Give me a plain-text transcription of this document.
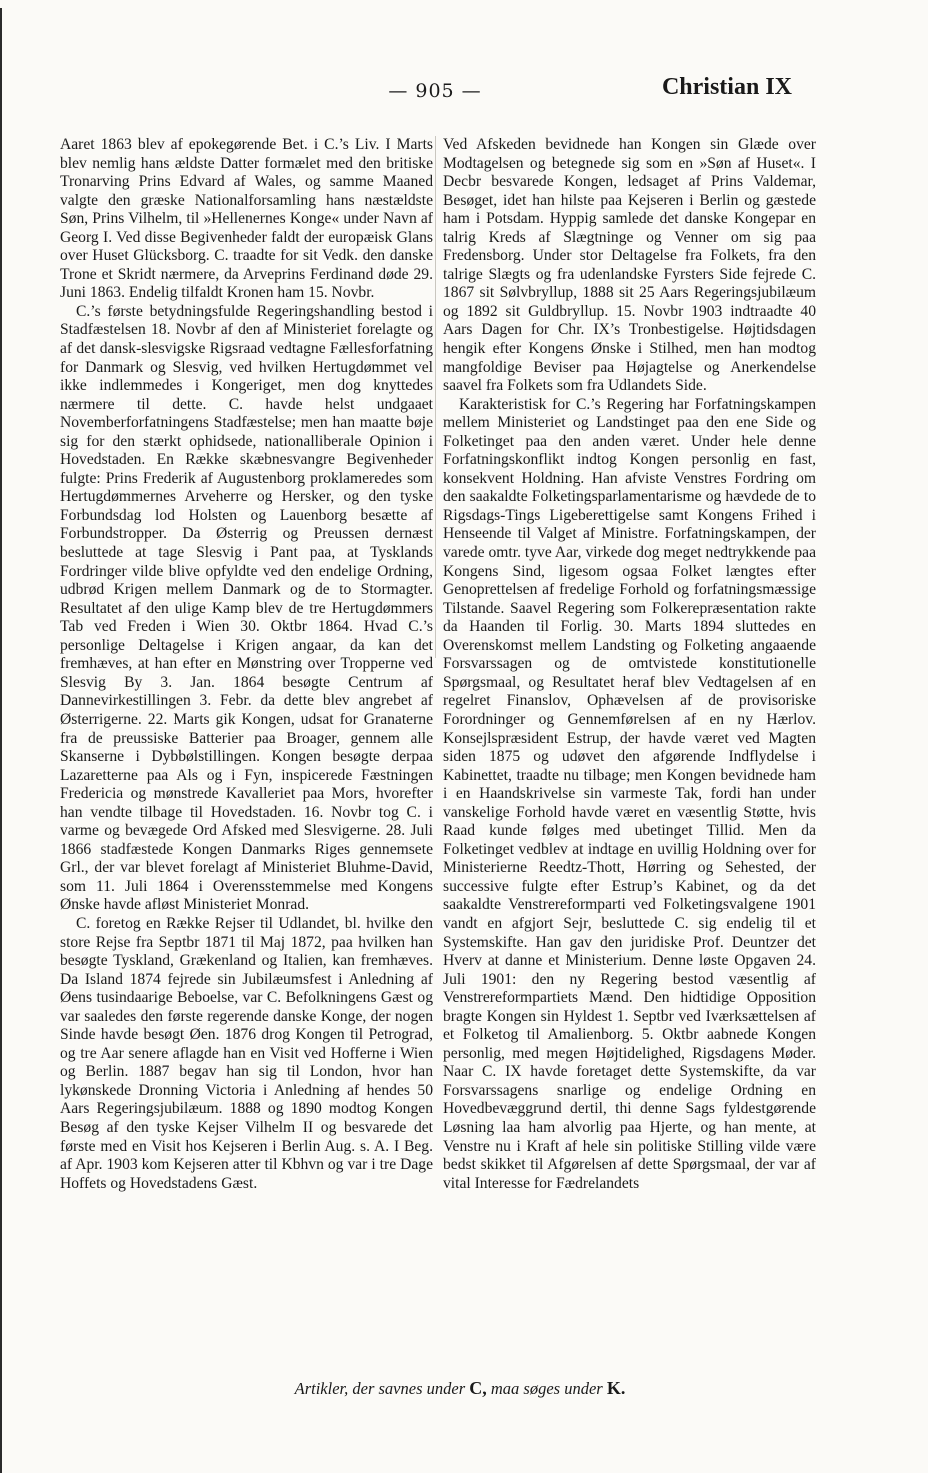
— 905 —	Christian IX

Aaret 1863 blev af epokegørende Bet. i C.’s Liv. I Marts blev nemlig hans ældste Datter formælet med den britiske Tronarving Prins Edvard af Wales, og samme Maaned valgte den græske Nationalforsamling hans næstældste Søn, Prins Vilhelm, til »Hellenernes Konge« under Navn af Georg I. Ved disse Begivenheder faldt der europæisk Glans over Huset Glücksborg. C. traadte for sit Vedk. den danske Trone et Skridt nærmere, da Arveprins Ferdinand døde 29. Juni 1863. Endelig tilfaldt Kronen ham 15. Novbr.

C.’s første betydningsfulde Regeringshandling bestod i Stadfæstelsen 18. Novbr af den af Ministeriet forelagte og af det dansk-slesvigske Rigsraad vedtagne Fællesforfatning for Danmark og Slesvig, ved hvilken Hertugdømmet vel ikke indlemmedes i Kongeriget, men dog knyttedes nærmere til dette. C. havde helst undgaaet Novemberforfatningens Stadfæstelse; men han maatte bøje sig for den stærkt ophidsede, nationalliberale Opinion i Hovedstaden. En Række skæbnesvangre Begivenheder fulgte: Prins Frederik af Augustenborg proklameredes som Hertugdømmernes Arveherre og Hersker, og den tyske Forbundsdag lod Holsten og Lauenborg besætte af Forbundstropper. Da Østerrig og Preussen dernæst besluttede at tage Slesvig i Pant paa, at Tysklands Fordringer vilde blive opfyldte ved den endelige Ordning, udbrød Krigen mellem Danmark og de to Stormagter. Resultatet af den ulige Kamp blev de tre Hertugdømmers Tab ved Freden i Wien 30. Oktbr 1864. Hvad C.’s personlige Deltagelse i Krigen angaar, da kan det fremhæves, at han efter en Mønstring over Tropperne ved Slesvig By 3. Jan. 1864 besøgte Centrum af Dannevirkestillingen 3. Febr. da dette blev angrebet af Østerrigerne. 22. Marts gik Kongen, udsat for Granaterne fra de preussiske Batterier paa Broager, gennem alle Skanserne i Dybbølstillingen. Kongen besøgte derpaa Lazaretterne paa Als og i Fyn, inspicerede Fæstningen Fredericia og mønstrede Kavalleriet paa Mors, hvorefter han vendte tilbage til Hovedstaden. 16. Novbr tog C. i varme og bevægede Ord Afsked med Slesvigerne. 28. Juli 1866 stadfæstede Kongen Danmarks Riges gennemsete Grl., der var blevet forelagt af Ministeriet Bluhme-David, som 11. Juli 1864 i Overensstemmelse med Kongens Ønske havde afløst Ministeriet Monrad.

C. foretog en Række Rejser til Udlandet, bl. hvilke den store Rejse fra Septbr 1871 til Maj 1872, paa hvilken han besøgte Tyskland, Grækenland og Italien, kan fremhæves. Da Island 1874 fejrede sin Jubilæumsfest i Anledning af Øens tusindaarige Beboelse, var C. Befolkningens Gæst og var saaledes den første regerende danske Konge, der nogen Sinde havde besøgt Øen. 1876 drog Kongen til Petrograd, og tre Aar senere aflagde han en Visit ved Hofferne i Wien og Berlin. 1887 begav han sig til London, hvor han lykønskede Dronning Victoria i Anledning af hendes 50 Aars Regeringsjubilæum. 1888 og 1890 modtog Kongen Besøg af den tyske Kejser Vilhelm II og besvarede det første med en Visit hos Kejseren i Berlin Aug. s. A. I Beg. af Apr. 1903 kom Kejseren atter til Kbhvn og var i tre Dage Hoffets og Hovedstadens Gæst.

Ved Afskeden bevidnede han Kongen sin Glæde over Modtagelsen og betegnede sig som en »Søn af Huset«. I Decbr besvarede Kongen, ledsaget af Prins Valdemar, Besøget, idet han hilste paa Kejseren i Berlin og gæstede ham i Potsdam. Hyppig samlede det danske Kongepar en talrig Kreds af Slægtninge og Venner om sig paa Fredensborg. Under stor Deltagelse fra Folkets, fra den talrige Slægts og fra udenlandske Fyrsters Side fejrede C. 1867 sit Sølvbryllup, 1888 sit 25 Aars Regeringsjubilæum og 1892 sit Guldbryllup. 15. Novbr 1903 indtraadte 40 Aars Dagen for Chr. IX’s Tronbestigelse. Højtidsdagen hengik efter Kongens Ønske i Stilhed, men han modtog mangfoldige Beviser paa Højagtelse og Anerkendelse saavel fra Folkets som fra Udlandets Side.

Karakteristisk for C.’s Regering har Forfatningskampen mellem Ministeriet og Landstinget paa den ene Side og Folketinget paa den anden været. Under hele denne Forfatningskonflikt indtog Kongen personlig en fast, konsekvent Holdning. Han afviste Venstres Fordring om den saakaldte Folketingsparlamentarisme og hævdede de to Rigsdags-Tings Ligeberettigelse samt Kongens Frihed i Henseende til Valget af Ministre. Forfatningskampen, der varede omtr. tyve Aar, virkede dog meget nedtrykkende paa Kongens Sind, ligesom ogsaa Folket længtes efter Genoprettelsen af fredelige Forhold og forfatningsmæssige Tilstande. Saavel Regering som Folkerepræsentation rakte da Haanden til Forlig. 30. Marts 1894 sluttedes en Overenskomst mellem Landsting og Folketing angaaende Forsvarssagen og de omtvistede konstitutionelle Spørgsmaal, og Resultatet heraf blev Vedtagelsen af en regelret Finanslov, Ophævelsen af de provisoriske Forordninger og Gennemførelsen af en ny Hærlov. Konsejlspræsident Estrup, der havde været ved Magten siden 1875 og udøvet den afgørende Indflydelse i Kabinettet, traadte nu tilbage; men Kongen bevidnede ham i en Haandskrivelse sin varmeste Tak, fordi han under vanskelige Forhold havde været en væsentlig Støtte, hvis Raad kunde følges med ubetinget Tillid. Men da Folketinget vedblev at indtage en uvillig Holdning over for Ministerierne Reedtz-Thott, Hørring og Sehested, der successive fulgte efter Estrup’s Kabinet, og da det saakaldte Venstrereformparti ved Folketingsvalgene 1901 vandt en afgjort Sejr, besluttede C. sig endelig til et Systemskifte. Han gav den juridiske Prof. Deuntzer det Hverv at danne et Ministerium. Denne løste Opgaven 24. Juli 1901: den ny Regering bestod væsentlig af Venstrereformpartiets Mænd. Den hidtidige Opposition bragte Kongen sin Hyldest 1. Septbr ved Iværksættelsen af et Folketog til Amalienborg. 5. Oktbr aabnede Kongen personlig, med megen Højtidelighed, Rigsdagens Møder. Naar C. IX havde foretaget dette Systemskifte, da var Forsvarssagens snarlige og endelige Ordning en Hovedbevæggrund dertil, thi denne Sags fyldestgørende Løsning laa ham alvorlig paa Hjerte, og han mente, at Venstre nu i Kraft af hele sin politiske Stilling vilde være bedst skikket til Afgørelsen af dette Spørgsmaal, der var af vital Interesse for Fædrelandets

Artikler, der savnes under C, maa søges under K.
